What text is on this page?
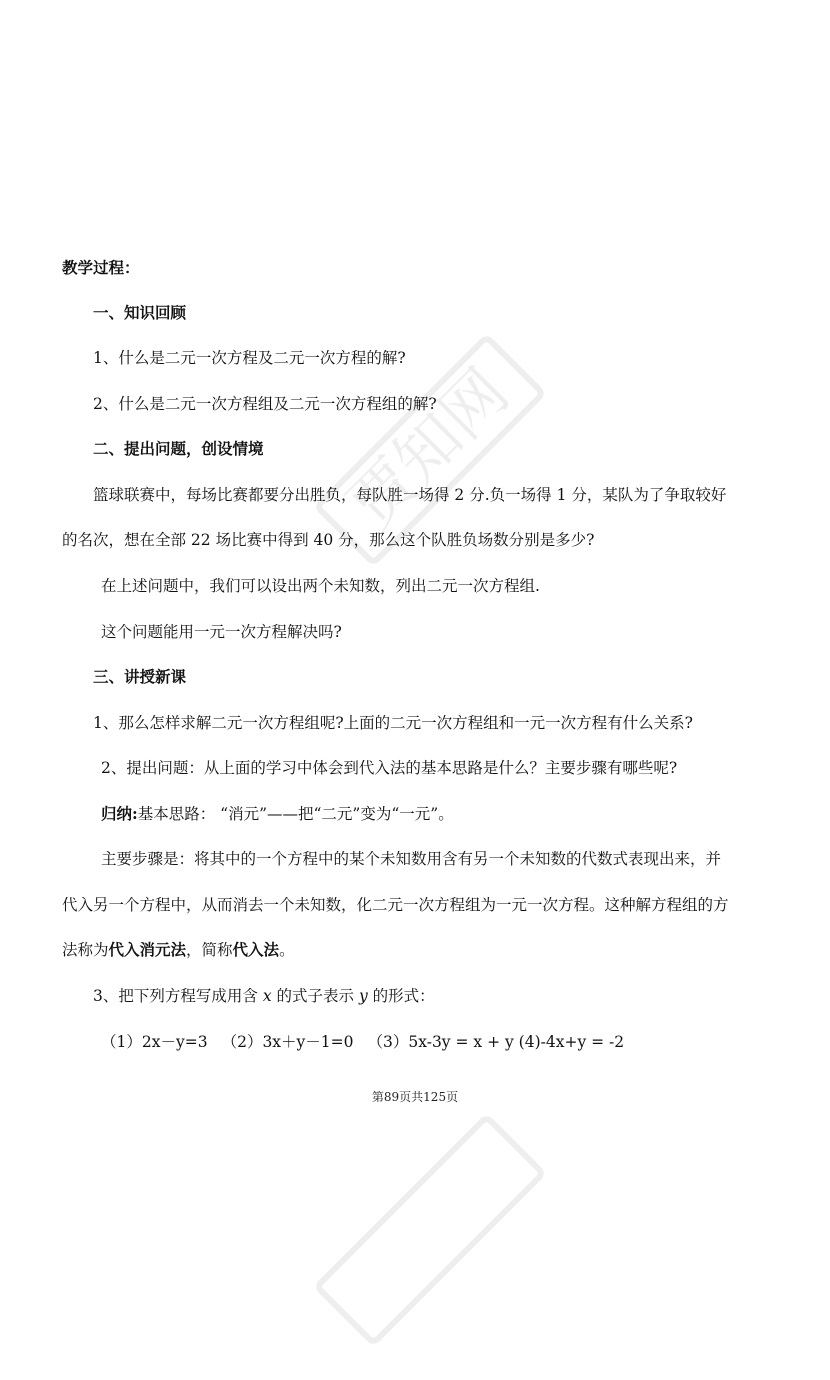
贾知网
教学过程：
一、知识回顾
1、什么是二元一次方程及二元一次方程的解?
2、什么是二元一次方程组及二元一次方程组的解?
二、提出问题，创设情境
篮球联赛中，每场比赛都要分出胜负，每队胜一场得 2 分.负一场得 1 分，某队为了争取较好
的名次，想在全部 22 场比赛中得到 40 分，那么这个队胜负场数分别是多少?
在上述问题中，我们可以设出两个未知数，列出二元一次方程组.
这个问题能用一元一次方程解决吗?
三、讲授新课
1、那么怎样求解二元一次方程组呢?上面的二元一次方程组和一元一次方程有什么关系?
2、提出问题：从上面的学习中体会到代入法的基本思路是什么？主要步骤有哪些呢?
归纳:基本思路： “消元”——把“二元”变为“一元”。
主要步骤是：将其中的一个方程中的某个未知数用含有另一个未知数的代数式表现出来，并
代入另一个方程中，从而消去一个未知数，化二元一次方程组为一元一次方程。这种解方程组的方
法称为代入消元法，简称代入法。
3、把下列方程写成用含 x 的式子表示 y 的形式：
（1）2x－y=3 （2）3x＋y－1=0 （3）5x-3y = x + y (4)-4x+y = -2
第89页共125页
